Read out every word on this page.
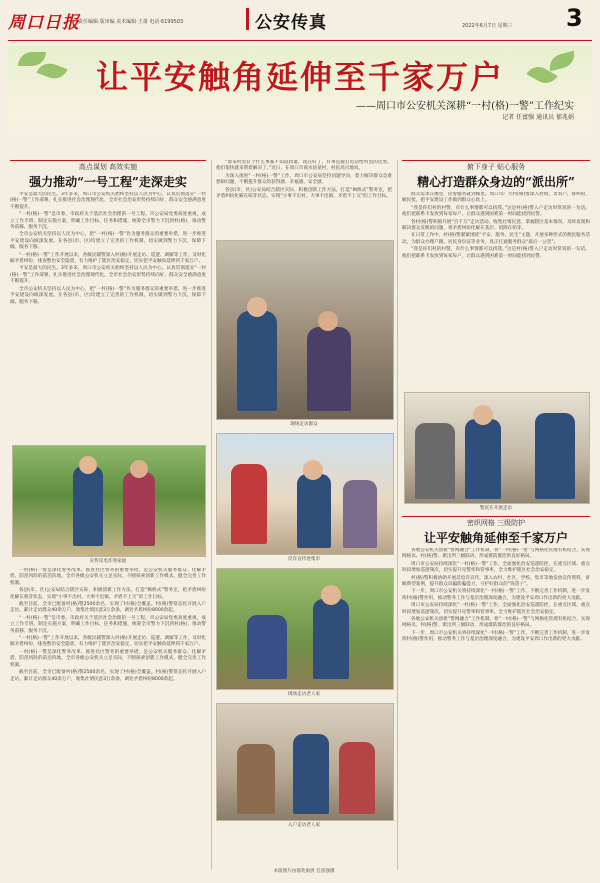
周口日报
责任编辑·版审编 美术编辑·王萧 电话·6199503	公安传真	2022年6月7日 星期三 3
让平安触角延伸至千家万户
——周口市公安机关深耕“一村(格)一警”工作纪实
记者 任富强 通讯员 郁兆娟
高点谋划 高效实施
强力推动“一号工程”走深走实

平安是最大的民生。3年多来，周口市公安机关始终坚持以人民为中心，认真贯彻落实“一村(格)一警”工作部署，扎实推进社会治理现代化，全市社会治安形势持续向好，群众安全感满意度不断提升。

“一村(格)一警”是市委、市政府关于基层社会治理的一号工程。市公安局党委高度重视，成立工作专班，制定实施方案，明确工作目标、任务和措施，统筹全市警力下沉到村(格)，推动警务前移、服务下沉。

全市公安机关坚持以人民为中心，把“一村(格)一警”作为服务群众的重要举措，进一步推进平安建设向纵深发展。在各县(市、区)均建立了完善的工作机制，切实做到警力下沉、保障下倾、服务下移。

“一村(格)一警”工作开展以来，各级民辅警深入村(格)开展走访、巡逻、调解等工作，及时化解矛盾纠纷，排查整治安全隐患，有力维护了辖区治安稳定，切实把平安触角延伸到千家万户。

平安是最大的民生。3年多来，周口市公安机关始终坚持以人民为中心，认真贯彻落实“一村(格)一警”工作部署，扎实推进社会治理现代化，全市社会治安形势持续向好，群众安全感满意度不断提升。

全市公安机关坚持以人民为中心，把“一村(格)一警”作为服务群众的重要举措，进一步推进平安建设向纵深发展。在各县(市、区)均建立了完善的工作机制，切实做到警力下沉、保障下倾、服务下移。

宣传反电诈进家庭

一村(格)一警是深化警务改革、推进社区警务的重要举措，是公安机关服务群众、化解矛盾、防范风险的前沿阵地。全市各级公安机关立足实际，不断探索创新工作模式，健全完善工作机制。

各县(市、区)公安局结合辖区实际，积极创新工作方法，打造“枫桥式”警务室，把矛盾纠纷化解在萌芽状态，实现“小事不出村、大事不出镇、矛盾不上交”的工作目标。

截至目前，全市已配备村(格)警2500余名，实现了村(格)全覆盖。村(格)警常态化开展入户走访，累计走访群众40余万户，收集社情民意3万余条，调处矛盾纠纷8000余起。

“一村(格)一警”是市委、市政府关于基层社会治理的一号工程。市公安局党委高度重视，成立工作专班，制定实施方案，明确工作目标、任务和措施，统筹全市警力下沉到村(格)，推动警务前移、服务下沉。

“一村(格)一警”工作开展以来，各级民辅警深入村(格)开展走访、巡逻、调解等工作，及时化解矛盾纠纷，排查整治安全隐患，有力维护了辖区治安稳定，切实把平安触角延伸到千家万户。

一村(格)一警是深化警务改革、推进社区警务的重要举措，是公安机关服务群众、化解矛盾、防范风险的前沿阵地。全市各级公安机关立足实际，不断探索创新工作模式，健全完善工作机制。

截至目前，全市已配备村(格)警2500余名，实现了村(格)全覆盖。村(格)警常态化开展入户走访，累计走访群众40余万户，收集社情民意3万余条，调处矛盾纠纷8000余起。

“原来村里有个什么事都不知道找谁，现在好了，有事直接打电话给村里的民警，他们很快就来帮着解决了。”近日，在周口市商水县某村，村民高兴地说。

为深入推进“一村(格)一警”工作，周口市公安局坚持问题导向，着力解决群众急难愁盼问题，不断提升群众的获得感、幸福感、安全感。

各县(市、区)公安局结合辖区实际，积极创新工作方法，打造“枫桥式”警务室，把矛盾纠纷化解在萌芽状态，实现“小事不出村、大事不出镇、矛盾不上交”的工作目标。

现场走访群众
反诈宣传进集市
现场走访老人家
入户走访老人家
本版图片由郁兆娟供 任富强摄
俯下身子 贴心服务
精心打造群众身边的“派出所”

群众需求在哪里，民警服务就到哪里。周口市广大村(格)警深入村组，访农户，排纠纷，解民忧，把平安建设工作做到群众心坎上。

“我是你们村的村警，有什么事情都可以找我。”这是村(格)警入户走访时常说的一句话。他们把联系卡发放到每家每户，让群众遇到困难第一时间能找到民警。

各村(格)警积极开展“百千万”走访活动，收集社情民意，掌握辖区基本情况，及时发现和解决群众反映的问题，将矛盾纠纷化解在基层、消除在萌芽。

在日常工作中，村(格)警紧紧围绕“平安、服务、民生”主题，开展多种形式的便民服务活动，为群众办理户籍、居民身份证等业务，真正打通服务群众“最后一公里”。

“我是你们村的村警，有什么事情都可以找我。”这是村(格)警入户走访时常说的一句话。他们把联系卡发放到每家每户，让群众遇到困难第一时间能找到民警。

警民在开展走访
密织网格 三级防护
让平安触角延伸至千家万户

各地公安机关创新“警网融合”工作机制，将“一村(格)一警”与网格化管理有机结合，实现网格员、村(格)警、派出所三级联动，形成群防群治的良好格局。

周口市公安局持续深化“一村(格)一警”工作，全面强化治安巡逻防控，在重点区域、重点时段增加巡逻频次，切实提升见警率和管事率，全力维护辖区社会治安稳定。

村(格)警积极协助开展反电诈宣传，深入农村、社区、学校、集市等地发放宣传资料，讲解典型案例，提升群众识骗防骗能力，守护好群众的“钱袋子”。

下一步，周口市公安机关将持续深化“一村(格)一警”工作，不断完善工作机制，进一步发挥村(格)警作用，推动警务工作与基层治理深度融合，为建设平安周口作出新的更大贡献。

周口市公安局持续深化“一村(格)一警”工作，全面强化治安巡逻防控，在重点区域、重点时段增加巡逻频次，切实提升见警率和管事率，全力维护辖区社会治安稳定。

各地公安机关创新“警网融合”工作机制，将“一村(格)一警”与网格化管理有机结合，实现网格员、村(格)警、派出所三级联动，形成群防群治的良好格局。

下一步，周口市公安机关将持续深化“一村(格)一警”工作，不断完善工作机制，进一步发挥村(格)警作用，推动警务工作与基层治理深度融合，为建设平安周口作出新的更大贡献。
